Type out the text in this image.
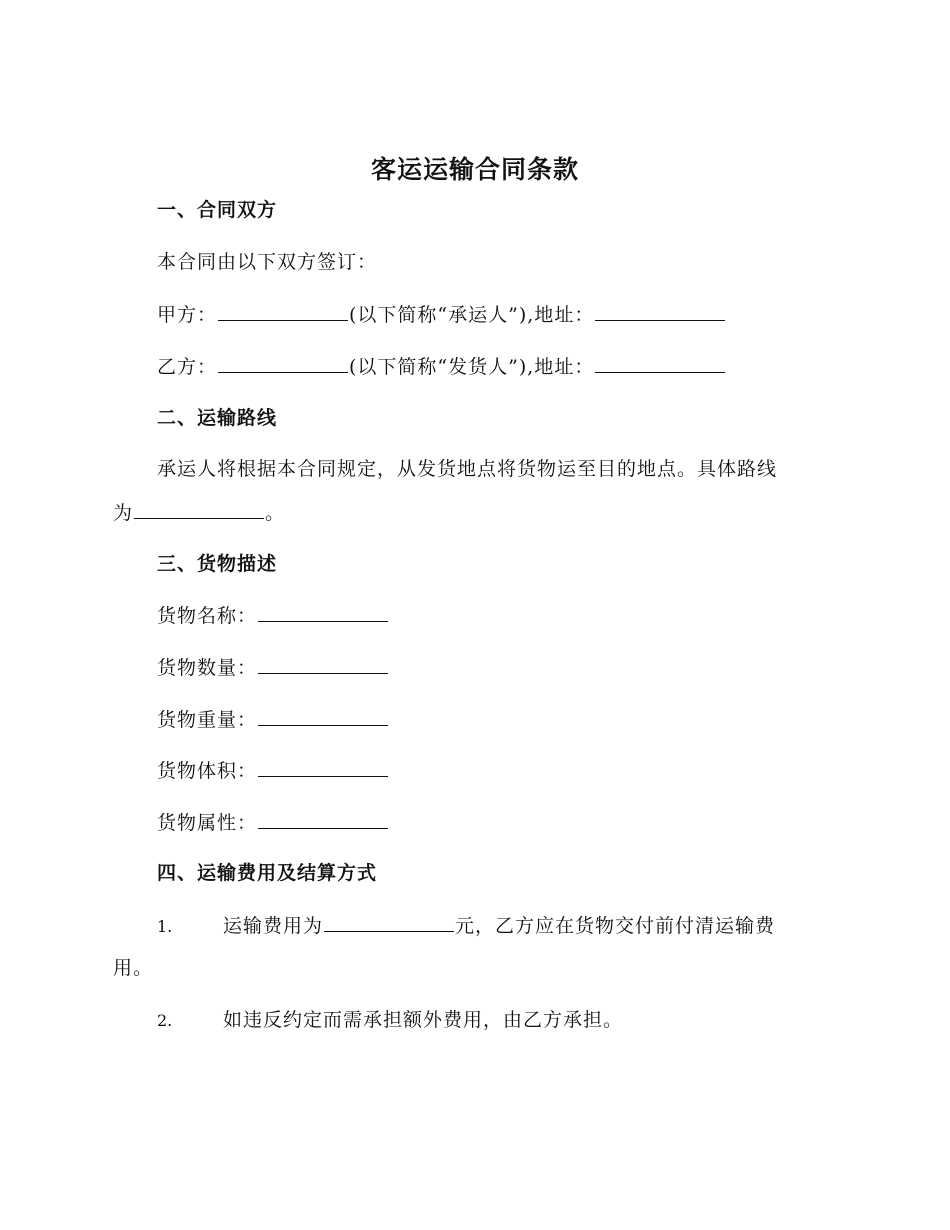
客运运输合同条款
一、合同双方
本合同由以下双方签订：
甲方：	(以下简称“承运人”),地址：
乙方：	(以下简称“发货人”),地址：
二、运输路线
承运人将根据本合同规定，从发货地点将货物运至目的地点。具体路线
为	。
三、货物描述
货物名称：
货物数量：
货物重量：
货物体积：
货物属性：
四、运输费用及结算方式
1.	运输费用为	元，乙方应在货物交付前付清运输费
用。
2.	如违反约定而需承担额外费用，由乙方承担。
